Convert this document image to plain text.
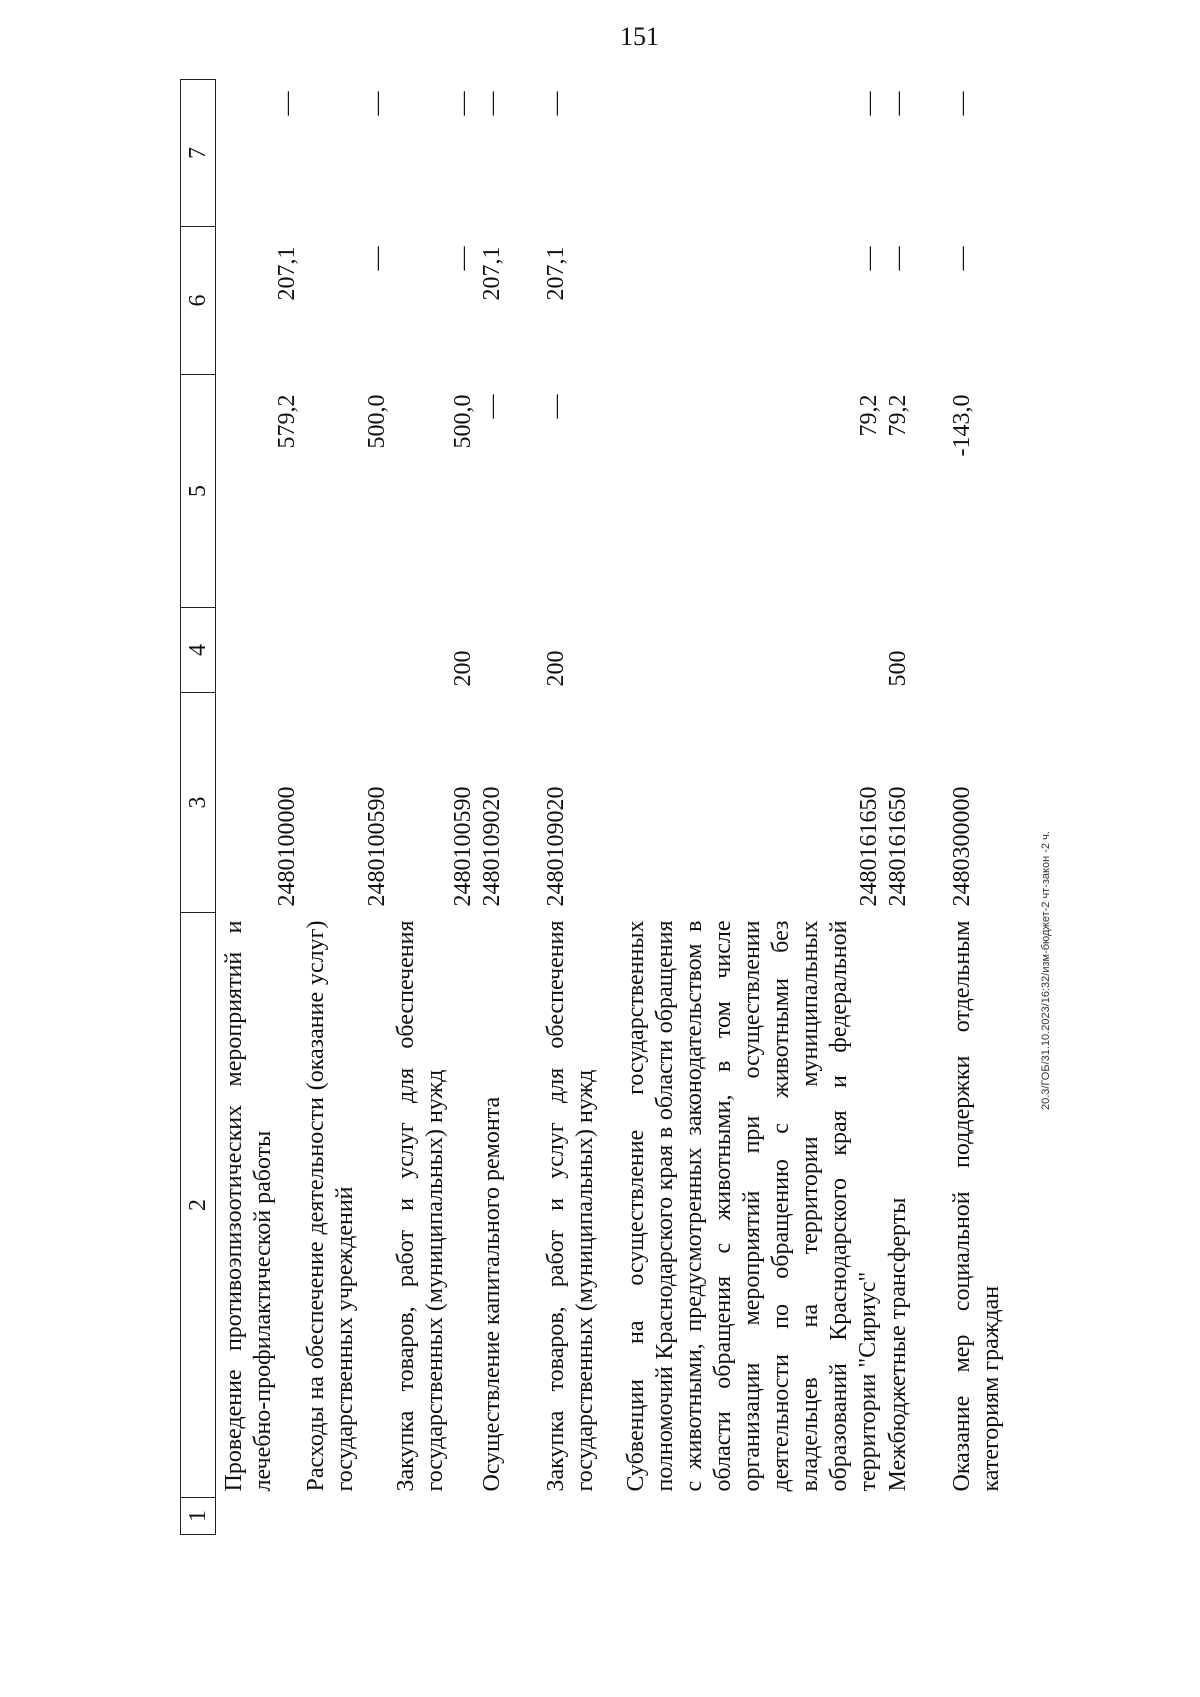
151
1	2	3	4	5	6	7
	Проведение противоэпизоотических мероприятий и лечебно-профилактической работы	2480100000		579,2	207,1	—
	Расходы на обеспечение деятельности (оказание услуг) государственных учреждений	2480100590		500,0	—	—
	Закупка товаров, работ и услуг для обеспечения государственных (муниципальных) нужд	2480100590	200	500,0	—	—
	Осуществление капитального ремонта	2480109020		—	207,1	—
	Закупка товаров, работ и услуг для обеспечения государственных (муниципальных) нужд	2480109020	200	—	207,1	—
	Субвенции на осуществление государственных полномочий Краснодарского края в области обращения с животными, предусмотренных законодательством в области обращения с животными, в том числе организации мероприятий при осуществлении деятельности по обращению с животными без владельцев на территории муниципальных образований Краснодарского края и федеральной территории "Сириус"	2480161650		79,2	—	—
	Межбюджетные трансферты	2480161650	500	79,2	—	—
	Оказание мер социальной поддержки отдельным категориям граждан	2480300000		-143,0	—	—
20.3/ГОБ/31.10.2023/16:32/изм-бюджет-2 чт-закон -2 ч.
